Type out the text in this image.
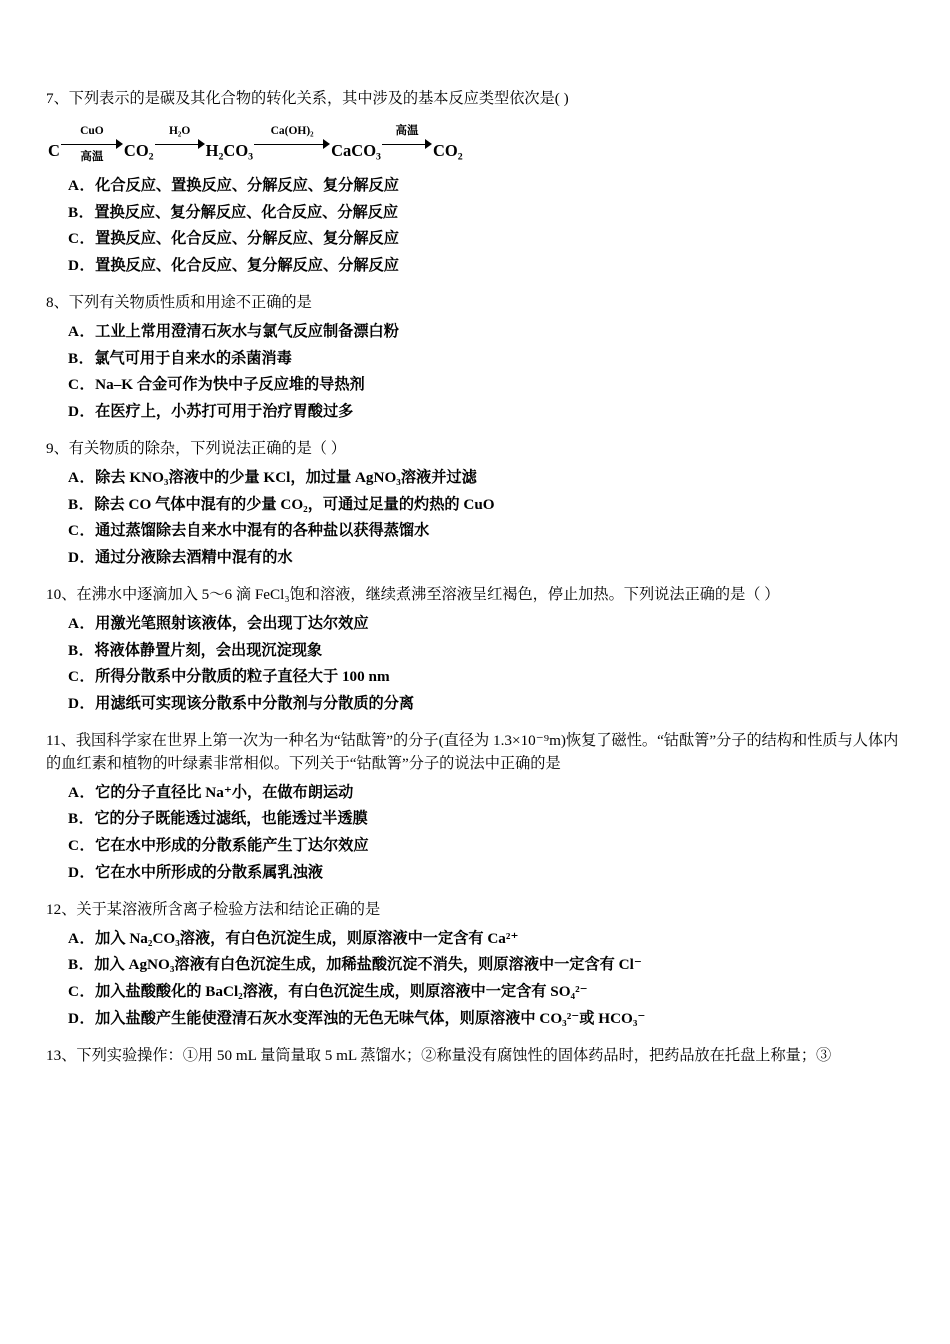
7、下列表示的是碳及其化合物的转化关系，其中涉及的基本反应类型依次是( )
C
CuO
高温	CO₂
H₂O
H₂CO₃
Ca(OH)₂
CaCO₃
高温
CO₂
A．化合反应、置换反应、分解反应、复分解反应
B．置换反应、复分解反应、化合反应、分解反应
C．置换反应、化合反应、分解反应、复分解反应
D．置换反应、化合反应、复分解反应、分解反应
8、下列有关物质性质和用途不正确的是
A．工业上常用澄清石灰水与氯气反应制备漂白粉
B．氯气可用于自来水的杀菌消毒
C．Na–K 合金可作为快中子反应堆的导热剂
D．在医疗上，小苏打可用于治疗胃酸过多
9、有关物质的除杂，下列说法正确的是（ ）
A．除去 KNO₃溶液中的少量 KCl，加过量 AgNO₃溶液并过滤
B．除去 CO 气体中混有的少量 CO₂，可通过足量的灼热的 CuO
C．通过蒸馏除去自来水中混有的各种盐以获得蒸馏水
D．通过分液除去酒精中混有的水
10、在沸水中逐滴加入 5～6 滴 FeCl₃饱和溶液，继续煮沸至溶液呈红褐色，停止加热。下列说法正确的是（ ）
A．用激光笔照射该液体，会出现丁达尔效应
B．将液体静置片刻，会出现沉淀现象
C．所得分散系中分散质的粒子直径大于 100 nm
D．用滤纸可实现该分散系中分散剂与分散质的分离
11、我国科学家在世界上第一次为一种名为“钴酞箐”的分子(直径为 1.3×10⁻⁹m)恢复了磁性。“钴酞箐”分子的结构和性质与人体内的血红素和植物的叶绿素非常相似。下列关于“钴酞箐”分子的说法中正确的是
A．它的分子直径比 Na⁺小，在做布朗运动
B．它的分子既能透过滤纸，也能透过半透膜
C．它在水中形成的分散系能产生丁达尔效应
D．它在水中所形成的分散系属乳浊液
12、关于某溶液所含离子检验方法和结论正确的是
A．加入 Na₂CO₃溶液，有白色沉淀生成，则原溶液中一定含有 Ca²⁺
B．加入 AgNO₃溶液有白色沉淀生成，加稀盐酸沉淀不消失，则原溶液中一定含有 Cl⁻
C．加入盐酸酸化的 BaCl₂溶液，有白色沉淀生成，则原溶液中一定含有 SO₄²⁻
D．加入盐酸产生能使澄清石灰水变浑浊的无色无味气体，则原溶液中 CO₃²⁻或 HCO₃⁻
13、下列实验操作：①用 50 mL 量筒量取 5 mL 蒸馏水；②称量没有腐蚀性的固体药品时，把药品放在托盘上称量；③
